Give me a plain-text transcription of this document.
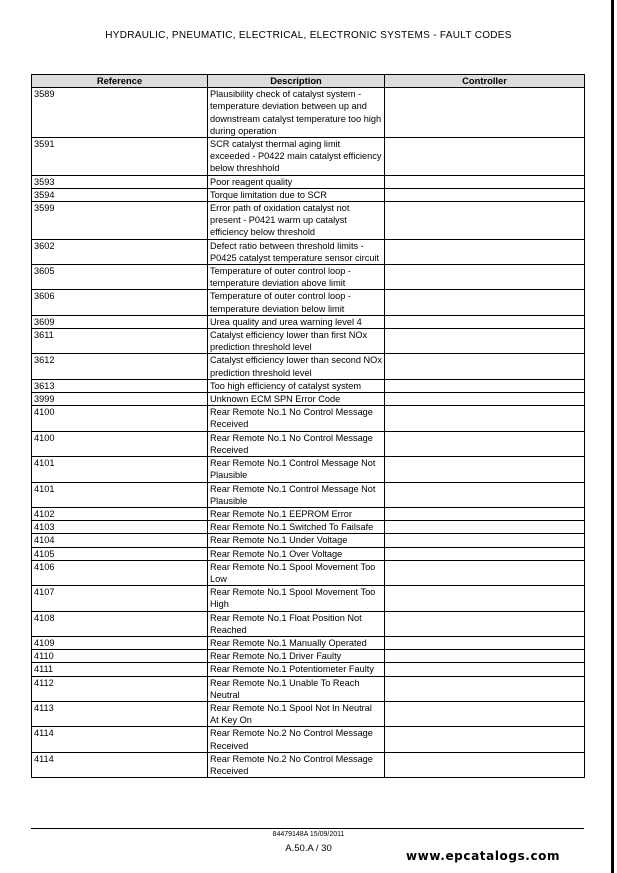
HYDRAULIC, PNEUMATIC, ELECTRICAL, ELECTRONIC SYSTEMS - FAULT CODES
Reference	Description	Controller
3589	Plausibility check of catalyst system - temperature deviation between up and downstream catalyst temperature too high during operation	
3591	SCR catalyst thermal aging limit exceeded - P0422 main catalyst efficiency below threshhold	
3593	Poor reagent quality	
3594	Torque limitation due to SCR	
3599	Error path of oxidation catalyst not present - P0421 warm up catalyst efficiency below threshold	
3602	Defect ratio between threshold limits - P0425 catalyst temperature sensor circuit	
3605	Temperature of outer control loop - temperature deviation above limit	
3606	Temperature of outer control loop - temperature deviation below limit	
3609	Urea quality and urea warning level 4	
3611	Catalyst efficiency lower than first NOx prediction threshold level	
3612	Catalyst efficiency lower than second NOx prediction threshold level	
3613	Too high efficiency of catalyst system	
3999	Unknown ECM SPN Error Code	
4100	Rear Remote No.1 No Control Message Received	
4100	Rear Remote No.1 No Control Message Received	
4101	Rear Remote No.1 Control Message Not Plausible	
4101	Rear Remote No.1 Control Message Not Plausible	
4102	Rear Remote No.1 EEPROM Error	
4103	Rear Remote No.1 Switched To Failsafe	
4104	Rear Remote No.1 Under Voltage	
4105	Rear Remote No.1 Over Voltage	
4106	Rear Remote No.1 Spool Movement Too Low	
4107	Rear Remote No.1 Spool Movement Too High	
4108	Rear Remote No.1 Float Position Not Reached	
4109	Rear Remote No.1 Manually Operated	
4110	Rear Remote No.1 Driver Faulty	
4111	Rear Remote No.1 Potentiometer Faulty	
4112	Rear Remote No.1 Unable To Reach Neutral	
4113	Rear Remote No.1 Spool Not In Neutral At Key On	
4114	Rear Remote No.2 No Control Message Received	
4114	Rear Remote No.2 No Control Message Received	
84479148A 15/09/2011
A.50.A / 30
www.epcatalogs.com
